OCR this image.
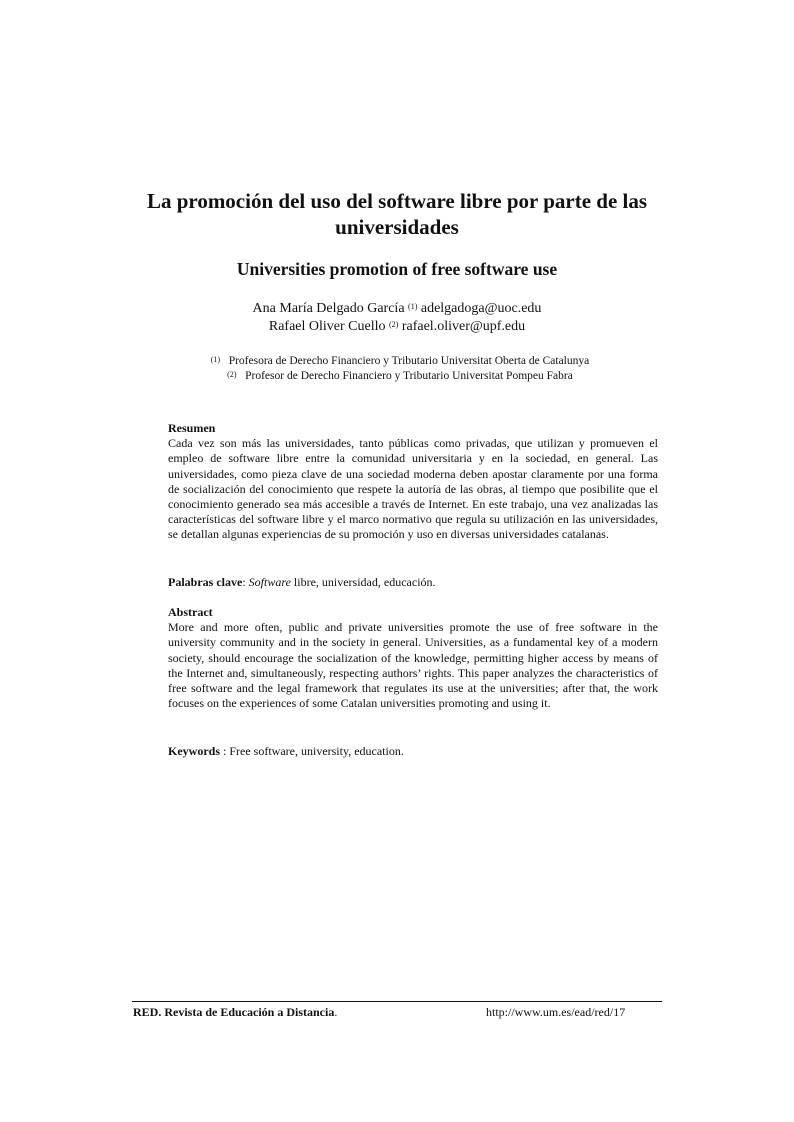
La promoción del uso del software libre por parte de las universidades
Universities promotion of free software use
Ana María Delgado García $^{(1)}$ adelgadoga@uoc.edu
Rafael Oliver Cuello $^{(2)}$ rafael.oliver@upf.edu
$^{(1)}$ Profesora de Derecho Financiero y Tributario Universitat Oberta de Catalunya
$^{(2)}$ Profesor de Derecho Financiero y Tributario Universitat Pompeu Fabra
Resumen

Cada vez son más las universidades, tanto públicas como privadas, que utilizan y promueven el empleo de software libre entre la comunidad universitaria y en la sociedad, en general. Las universidades, como pieza clave de una sociedad moderna deben apostar claramente por una forma de socialización del conocimiento que respete la autoría de las obras, al tiempo que posibilite que el conocimiento generado sea más accesible a través de Internet. En este trabajo, una vez analizadas las características del software libre y el marco normativo que regula su utilización en las universidades, se detallan algunas experiencias de su promoción y uso en diversas universidades catalanas.

Palabras clave: Software libre, universidad, educación.
Abstract

More and more often, public and private universities promote the use of free software in the university community and in the society in general. Universities, as a fundamental key of a modern society, should encourage the socialization of the knowledge, permitting higher access by means of the Internet and, simultaneously, respecting authors’ rights. This paper analyzes the characteristics of free software and the legal framework that regulates its use at the universities; after that, the work focuses on the experiences of some Catalan universities promoting and using it.

Keywords : Free software, university, education.
RED. Revista de Educación a Distancia.	http://www.um.es/ead/red/17
